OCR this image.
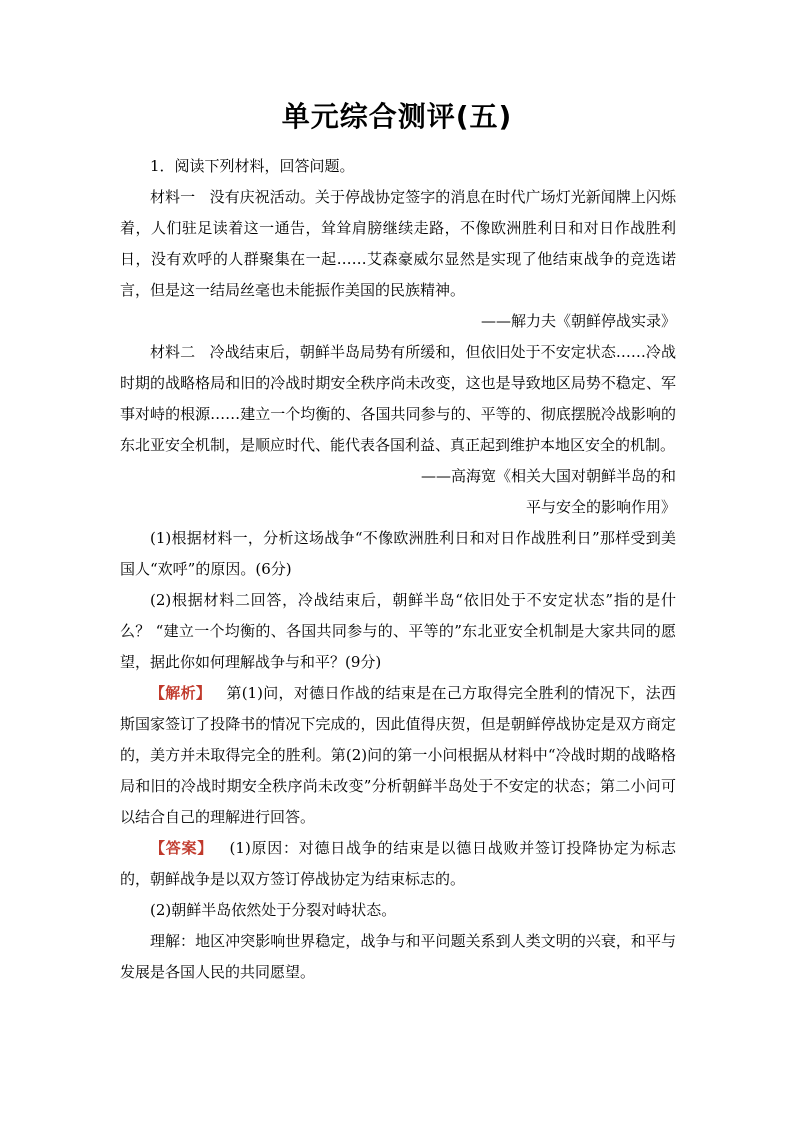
单元综合测评(五)

1．阅读下列材料，回答问题。

材料一 没有庆祝活动。关于停战协定签字的消息在时代广场灯光新闻牌上闪烁着，人们驻足读着这一通告，耸耸肩膀继续走路，不像欧洲胜利日和对日作战胜利日，没有欢呼的人群聚集在一起……艾森豪威尔显然是实现了他结束战争的竞选诺言，但是这一结局丝毫也未能振作美国的民族精神。

——解力夫《朝鲜停战实录》

材料二 冷战结束后，朝鲜半岛局势有所缓和，但依旧处于不安定状态……冷战时期的战略格局和旧的冷战时期安全秩序尚未改变，这也是导致地区局势不稳定、军事对峙的根源……建立一个均衡的、各国共同参与的、平等的、彻底摆脱冷战影响的东北亚安全机制，是顺应时代、能代表各国利益、真正起到维护本地区安全的机制。

——高海宽《相关大国对朝鲜半岛的和

平与安全的影响作用》

(1)根据材料一，分析这场战争“不像欧洲胜利日和对日作战胜利日”那样受到美国人“欢呼”的原因。(6分)

(2)根据材料二回答，冷战结束后，朝鲜半岛“依旧处于不安定状态”指的是什么？ “建立一个均衡的、各国共同参与的、平等的”东北亚安全机制是大家共同的愿望，据此你如何理解战争与和平？(9分)

【解析】 第(1)问，对德日作战的结束是在己方取得完全胜利的情况下，法西斯国家签订了投降书的情况下完成的，因此值得庆贺，但是朝鲜停战协定是双方商定的，美方并未取得完全的胜利。第(2)问的第一小问根据从材料中“冷战时期的战略格局和旧的冷战时期安全秩序尚未改变”分析朝鲜半岛处于不安定的状态；第二小问可以结合自己的理解进行回答。

【答案】 (1)原因：对德日战争的结束是以德日战败并签订投降协定为标志的，朝鲜战争是以双方签订停战协定为结束标志的。

(2)朝鲜半岛依然处于分裂对峙状态。

理解：地区冲突影响世界稳定，战争与和平问题关系到人类文明的兴衰，和平与发展是各国人民的共同愿望。
